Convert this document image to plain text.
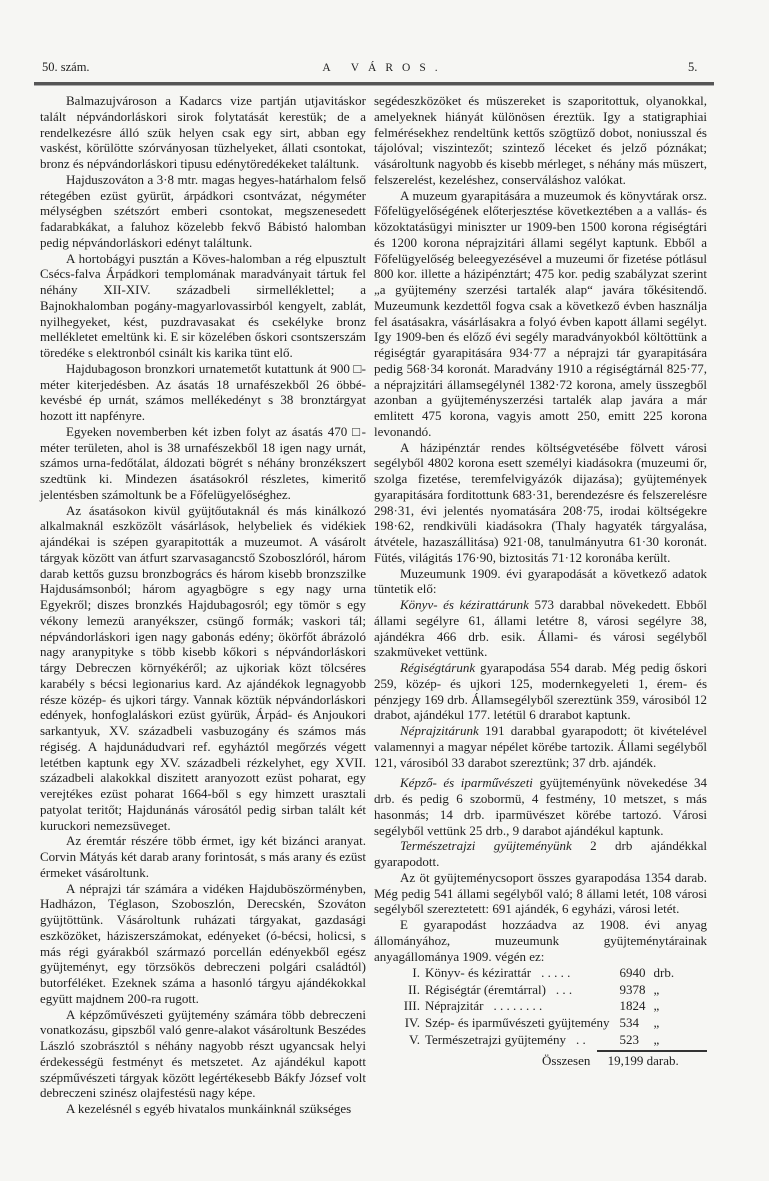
50. szám.	A VÁROS.	5.

Balmazujvároson a Kadarcs vize partján utjavitáskor talált népvándorláskori sirok folytatását kerestük; de a rendelkezésre álló szük helyen csak egy sirt, abban egy vaskést, körülötte szórványosan tüzhelyeket, állati csontokat, bronz és népvándorláskori tipusu edénytöredékeket találtunk.

Hajduszováton a 3·8 mtr. magas hegyes-határhalom felső rétegében ezüst gyürüt, árpádkori csontvázat, négyméter mélységben szétszórt emberi csontokat, megszenesedett fadarabkákat, a faluhoz közelebb fekvő Bábistó halomban pedig népvándorláskori edényt találtunk.

A hortobágyi pusztán a Köves-halomban a rég elpusztult Csécs-falva Árpádkori templomának maradványait tártuk fel néhány XII-XIV. századbeli sirmelléklettel; a Bajnokhalomban pogány-magyarlovassirból kengyelt, zablát, nyilhegyeket, kést, puzdravasakat és csekélyke bronz mellékletet emeltünk ki. E sir közelében őskori csontszerszám töredéke s elektronból csinált kis karika tünt elő.

Hajdubagoson bronzkori urnatemetőt kutattunk át 900 □-méter kiterjedésben. Az ásatás 18 urnafészekből 26 öbbé-kevésbé ép urnát, számos mellékedényt s 38 bronztárgyat hozott itt napfényre.

Egyeken novemberben két izben folyt az ásatás 470 □-méter területen, ahol is 38 urnafészekből 18 igen nagy urnát, számos urna-fedőtálat, áldozati bögrét s néhány bronzékszert szedtünk ki. Mindezen ásatásokról részletes, kimeritő jelentésben számoltunk be a Főfelügyelőséghez.

Az ásatásokon kivül gyüjtőutaknál és más kinálkozó alkalmaknál eszközölt vásárlások, helybeliek és vidékiek ajándékai is szépen gyarapitották a muzeumot. A vásárolt tárgyak között van átfurt szarvasagancstő Szoboszlóról, három darab kettős guzsu bronzbogrács és három kisebb bronzszilke Hajdusámsonból; három agyagbögre s egy nagy urna Egyekről; diszes bronzkés Hajdubagosról; egy tömör s egy vékony lemezü aranyékszer, csüngő formák; vaskori tál; népvándorláskori igen nagy gabonás edény; ökörfőt ábrázoló nagy aranypityke s több kisebb kőkori s népvándorláskori tárgy Debreczen környékéről; az ujkoriak közt tölcséres karabély s bécsi legionarius kard. Az ajándékok legnagyobb része közép- és ujkori tárgy. Vannak köztük népvándorláskori edények, honfoglaláskori ezüst gyürük, Árpád- és Anjoukori sarkantyuk, XV. századbeli vasbuzogány és számos más régiség. A hajdunádudvari ref. egyháztól megőrzés végett letétben kaptunk egy XV. századbeli rézkelyhet, egy XVII. századbeli alakokkal diszitett aranyozott ezüst poharat, egy verejtékes ezüst poharat 1664-ből s egy himzett urasztali patyolat teritőt; Hajdunánás városától pedig sirban talált két kuruckori nemezsüveget.

Az éremtár részére több érmet, igy két bizánci aranyat. Corvin Mátyás két darab arany forintosát, s más arany és ezüst érmeket vásároltunk.

A néprajzi tár számára a vidéken Hajduböszörményben, Hadházon, Téglason, Szoboszlón, Derecskén, Szováton gyüjtöttünk. Vásároltunk ruházati tárgyakat, gazdasági eszközöket, háziszerszámokat, edényeket (ó-bécsi, holicsi, s más régi gyárakból származó porcellán edényekből egész gyüjteményt, egy törzsökös debreczeni polgári családtól) butorféléket. Ezeknek száma a hasonló tárgyu ajándékokkal együtt majdnem 200-ra rugott.

A képzőművészeti gyüjtemény számára több debreczeni vonatkozásu, gipszből való genre-alakot vásároltunk Beszédes László szobrásztól s néhány nagyobb részt ugyancsak helyi érdekességü festményt és metszetet. Az ajándékul kapott szépművészeti tárgyak között legértékesebb Bákfy József volt debreczeni szinész olajfestésü nagy képe.

A kezelésnél s egyéb hivatalos munkáinknál szükséges

segédeszközöket és müszereket is szaporitottuk, olyanokkal, amelyeknek hiányát különösen éreztük. Igy a statigraphiai felmérésekhez rendeltünk kettős szögtüző dobot, noniusszal és tájolóval; viszintezőt; szintező léceket és jelző póznákat; vásároltunk nagyobb és kisebb mérleget, s néhány más müszert, felszerelést, kezeléshez, conserváláshoz valókat.

A muzeum gyarapitására a muzeumok és könyvtárak orsz. Főfelügyelőségének előterjesztése következtében a a vallás- és közoktatásügyi miniszter ur 1909-ben 1500 korona régiségtári és 1200 korona néprajzitári állami segélyt kaptunk. Ebből a Főfelügyelőség beleegyezésével a muzeumi őr fizetése pótlásul 800 kor. illette a házipénztárt; 475 kor. pedig szabályzat szerint „a gyüjtemény szerzési tartalék alap“ javára tőkésitendő. Muzeumunk kezdettől fogva csak a következő évben használja fel ásatásakra, vásárlásakra a folyó évben kapott állami segélyt. Igy 1909-ben és előző évi segély maradványokból költöttünk a régiségtár gyarapitására 934·77 a néprajzi tár gyarapitására pedig 568·34 koronát. Maradvány 1910 a régiségtárnál 825·77, a néprajzitári államsegélynél 1382·72 korona, amely üsszegből azonban a gyüjteményszerzési tartalék alap javára a már emlitett 475 korona, vagyis amott 250, emitt 225 korona levonandó.

A házipénztár rendes költségvetésébe fölvett városi segélyből 4802 korona esett személyi kiadásokra (muzeumi őr, szolga fizetése, teremfelvigyázók dijazása); gyüjtemények gyarapitására forditottunk 683·31, berendezésre és felszerelésre 298·31, évi jelentés nyomatására 208·75, irodai költségekre 198·62, rendkivüli kiadásokra (Thaly hagyaték tárgyalása, átvétele, hazaszállitása) 921·08, tanulmányutra 61·30 koronát. Fütés, világitás 176·90, biztositás 71·12 koronába került.

Muzeumunk 1909. évi gyarapodását a következő adatok tüntetik elő:

Könyv- és kézirattárunk 573 darabbal növekedett. Ebből állami segélyre 61, állami letétre 8, városi segélyre 38, ajándékra 466 drb. esik. Állami- és városi segélyből szakmüveket vettünk.

Régiségtárunk gyarapodása 554 darab. Még pedig őskori 259, közép- és ujkori 125, modernkegyeleti 1, érem- és pénzjegy 169 drb. Államsegélyből szereztünk 359, városiból 12 drabot, ajándékul 177. letétül 6 drarabot kaptunk.

Néprajzitárunk 191 darabbal gyarapodott; öt kivételével valamennyi a magyar népélet körébe tartozik. Állami segélyből 121, városiból 33 darabot szereztünk; 37 drb. ajándék.

Képző- és iparművészeti gyüjteményünk növekedése 34 drb. és pedig 6 szobormü, 4 festmény, 10 metszet, s más hasonmás; 14 drb. iparmüvészet körébe tartozó. Városi segélyből vettünk 25 drb., 9 darabot ajándékul kaptunk.

Természetrajzi gyüjteményünk 2 drb ajándékkal gyarapodott.

Az öt gyüjteménycsoport összes gyarapodása 1354 darab. Még pedig 541 állami segélyből való; 8 állami letét, 108 városi segélyből szereztetett: 691 ajándék, 6 egyházi, városi letét.

E gyarapodást hozzáadva az 1908. évi anyag állományához, muzeumunk gyüjteménytárainak anyagállománya 1909. végén ez:

I.	Könyv- és kézirattár . . . . .	6940	drb.
II.	Régiségtár (éremtárral) . . .	9378	„
III.	Néprajzitár . . . . . . . .	1824	„
IV.	Szép- és iparművészeti gyüjtemény	534	„
V.	Természetrajzi gyüjtemény . .	523	„
Összesen 19,199 darab.
